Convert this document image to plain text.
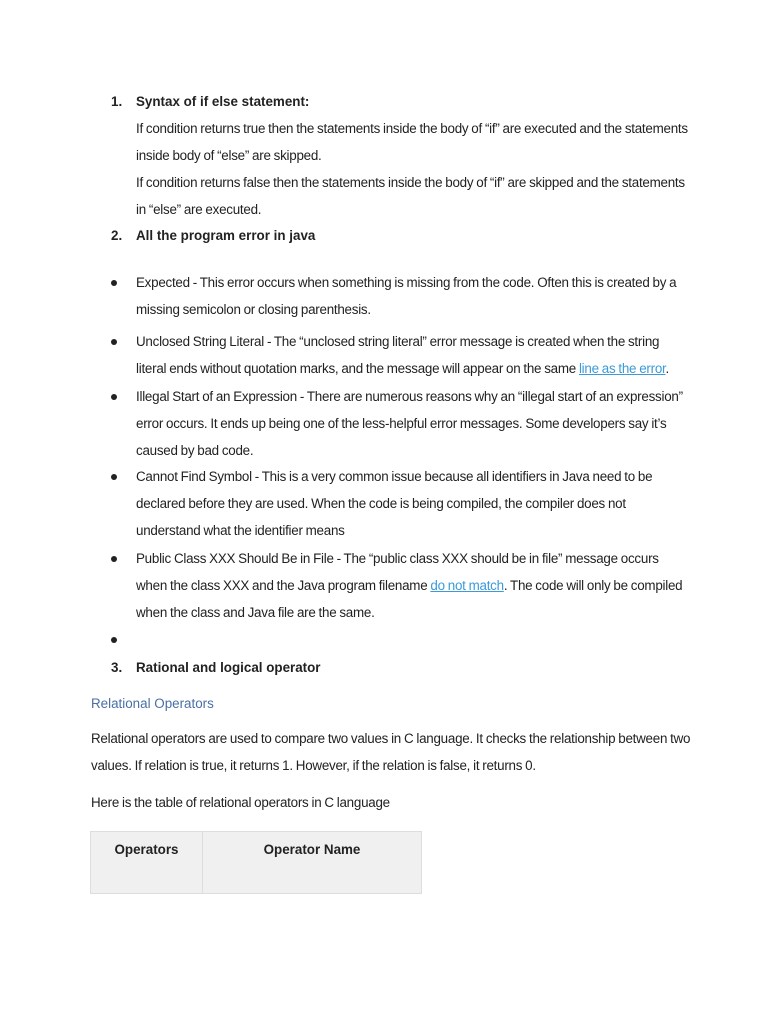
1. Syntax of if else statement:
If condition returns true then the statements inside the body of “if” are executed and the statements inside body of “else” are skipped.
If condition returns false then the statements inside the body of “if” are skipped and the statements in “else” are executed.
2. All the program error in java
Expected - This error occurs when something is missing from the code. Often this is created by a missing semicolon or closing parenthesis.
Unclosed String Literal - The “unclosed string literal” error message is created when the string literal ends without quotation marks, and the message will appear on the same line as the error.
Illegal Start of an Expression - There are numerous reasons why an “illegal start of an expression” error occurs. It ends up being one of the less-helpful error messages. Some developers say it’s caused by bad code.
Cannot Find Symbol - This is a very common issue because all identifiers in Java need to be declared before they are used. When the code is being compiled, the compiler does not understand what the identifier means
Public Class XXX Should Be in File - The “public class XXX should be in file” message occurs when the class XXX and the Java program filename do not match. The code will only be compiled when the class and Java file are the same.
3. Rational and logical operator
Relational Operators
Relational operators are used to compare two values in C language. It checks the relationship between two values. If relation is true, it returns 1. However, if the relation is false, it returns 0.
Here is the table of relational operators in C language
Operators	Operator Name
